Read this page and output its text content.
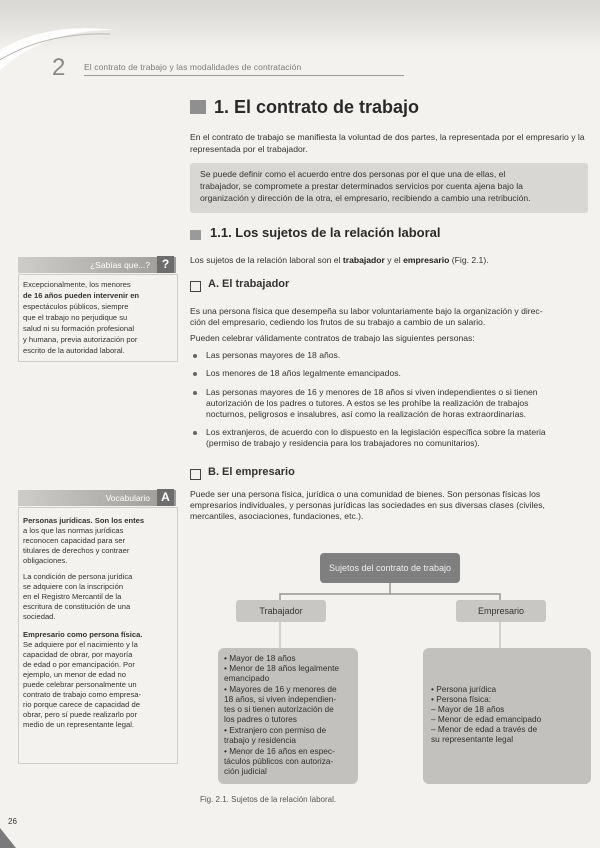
2 El contrato de trabajo y las modalidades de contratación
1. El contrato de trabajo
En el contrato de trabajo se manifiesta la voluntad de dos partes, la representada por el empresario y la representada por el trabajador.
Se puede definir como el acuerdo entre dos personas por el que una de ellas, el
trabajador, se compromete a prestar determinados servicios por cuenta ajena bajo la
organización y dirección de la otra, el empresario, recibiendo a cambio una retribución.
1.1. Los sujetos de la relación laboral
Los sujetos de la relación laboral son el trabajador y el empresario (Fig. 2.1).
A. El trabajador
Es una persona física que desempeña su labor voluntariamente bajo la organización y direc-
ción del empresario, cediendo los frutos de su trabajo a cambio de un salario.
Pueden celebrar válidamente contratos de trabajo las siguientes personas:
Las personas mayores de 18 años.
Los menores de 18 años legalmente emancipados.
Las personas mayores de 16 y menores de 18 años si viven independientes o si tienen
autorización de los padres o tutores. A estos se les prohíbe la realización de trabajos
nocturnos, peligrosos e insalubres, así como la realización de horas extraordinarias.
Los extranjeros, de acuerdo con lo dispuesto en la legislación específica sobre la materia
(permiso de trabajo y residencia para los trabajadores no comunitarios).
B. El empresario
Puede ser una persona física, jurídica o una comunidad de bienes. Son personas físicas los
empresarios individuales, y personas jurídicas las sociedades en sus diversas clases (civiles,
mercantiles, asociaciones, fundaciones, etc.).
¿Sabías que...? ?
Excepcionalmente, los menores
de 16 años pueden intervenir en
espectáculos públicos, siempre
que el trabajo no perjudique su
salud ni su formación profesional
y humana, previa autorización por
escrito de la autoridad laboral.
Vocabulario A
Personas jurídicas. Son los entes
a los que las normas jurídicas
reconocen capacidad para ser
titulares de derechos y contraer
obligaciones.
La condición de persona jurídica
se adquiere con la inscripción
en el Registro Mercantil de la
escritura de constitución de una
sociedad.
Empresario como persona física.
Se adquiere por el nacimiento y la
capacidad de obrar, por mayoría
de edad o por emancipación. Por
ejemplo, un menor de edad no
puede celebrar personalmente un
contrato de trabajo como empresa-
rio porque carece de capacidad de
obrar, pero sí puede realizarlo por
medio de un representante legal.
Sujetos del contrato de trabajo
Trabajador	Empresario
• Mayor de 18 años
• Menor de 18 años legalmente
emancipado
• Mayores de 16 y menores de
18 años, si viven independien-
tes o si tienen autorización de
los padres o tutores
• Extranjero con permiso de
trabajo y residencia
• Menor de 16 años en espec-
táculos públicos con autoriza-
ción judicial
• Persona jurídica
• Persona física:
– Mayor de 18 años
– Menor de edad emancipado
– Menor de edad a través de
su representante legal
Fig. 2.1. Sujetos de la relación laboral.
26
